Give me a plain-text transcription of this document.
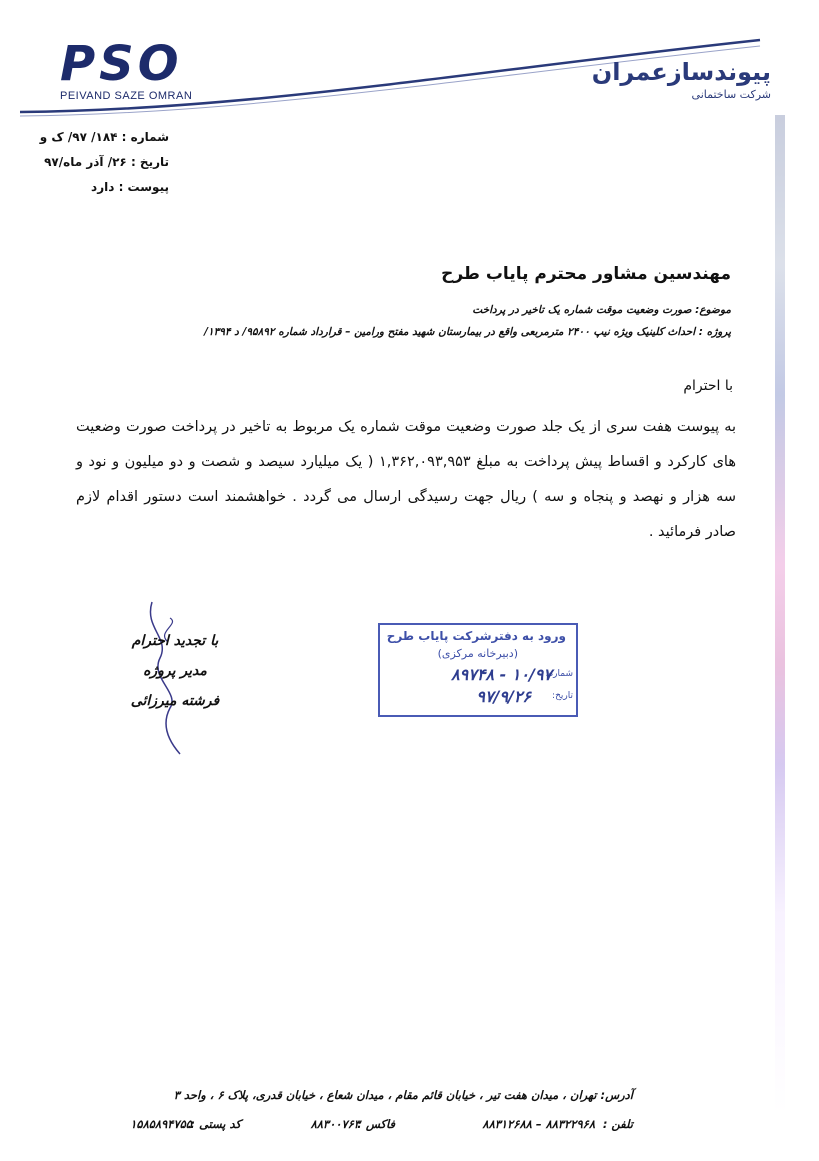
PSO
PEIVAND SAZE OMRAN
پیوندسازعمران
شرکت ساختمانی
شماره : ۱۸۴/ ۹۷/ ک و
تاریخ : ۲۶/ آذر ماه/۹۷
پیوست : دارد
مهندسین مشاور محترم پایاب طرح
موضوع: صورت وضعیت موقت شماره یک تاخیر در پرداخت
پروژه : احداث کلینیک ویژه نیپ ۲۴۰۰ مترمربعی واقع در بیمارستان شهید مفتح ورامین – قرارداد شماره ۹۵۸۹۲/ د ۱۳۹۴/
با احترام
به پیوست هفت سری از یک جلد صورت وضعیت موقت شماره یک مربوط به تاخیر در پرداخت صورت وضعیت های کارکرد و اقساط پیش پرداخت به مبلغ ۱,۳۶۲,۰۹۳,۹۵۳ ( یک میلیارد سیصد و شصت و دو میلیون و نود و سه هزار و نهصد و پنجاه و سه ) ریال جهت رسیدگی ارسال می گردد . خواهشمند است دستور اقدام لازم صادر فرمائید .
با تجدید احترام
مدیر پروژه
فرشته میرزائی
ورود به دفترشرکت پایاب طرح
(دبیرخانه مرکزی)
شماره:
۱۰/۹۷ - ۸۹۷۴۸
تاریخ:
۹۷/۹/۲۶
آدرس: تهران ، میدان هفت تیر ، خیابان قائم مقام ، میدان شعاع ، خیابان قدری، پلاک ۶ ، واحد ۳
تلفن :
۸۸۳۱۲۶۸۸ – ۸۸۳۲۲۹۶۸
فاکس :
۸۸۳۰۰۷۶۳
کد پستی :
۱۵۸۵۸۹۴۷۵۵
